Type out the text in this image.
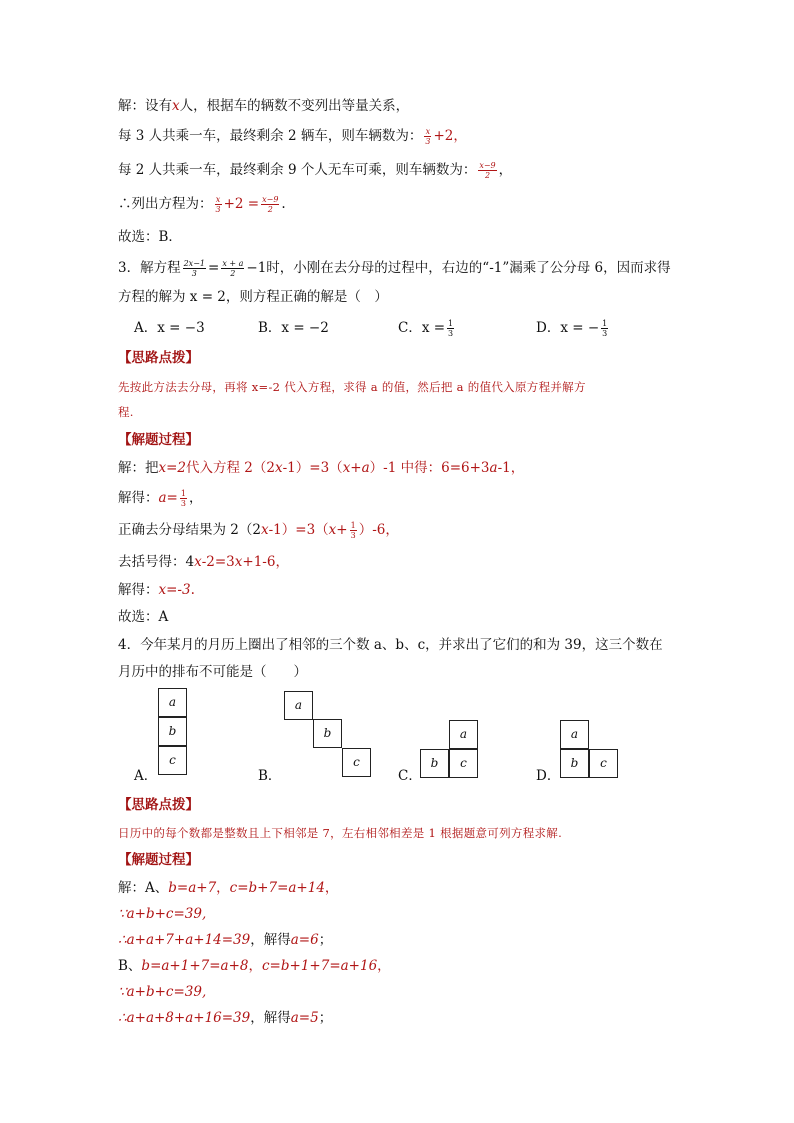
解：设有x人，根据车的辆数不变列出等量关系，
每 3 人共乘一车，最终剩余 2 辆车，则车辆数为： $\frac{x}{3} +2$，
每 2 人共乘一车，最终剩余 9 个人无车可乘，则车辆数为： $\frac{x-9}{2}$ ，
∴列出方程为： $\frac{x}{3} +2 = \frac{x-9}{2}$ .
故选：B．
3．解方程 $\frac{2x-1}{3} = \frac{x + a}{2} -1$时，小刚在去分母的过程中，右边的“-1”漏乘了公分母 6，因而求得
方程的解为 x = 2，则方程正确的解是（　）
A．x = −3	B．x = −2	C．$x = \frac{1}{3}$	D．x = − $\frac{1}{3}$
【思路点拨】
先按此方法去分母，再将 x=-2 代入方程，求得 a 的值，然后把 a 的值代入原方程并解方
程.
【解题过程】
解：把x=2代入方程 2（2x-1）=3（x+a）-1 中得：6=6+3a-1，
解得：$a= \frac{1}{3}$ ，
正确去分母结果为 $2(2x-1)=3(x+ \frac{1}{3} )-6$，
去括号得：4x-2=3x+1-6，
解得：x=-3.
故选：A
4．今年某月的月历上圈出了相邻的三个数 a、b、c，并求出了它们的和为 39，这三个数在
月历中的排布不可能是（　　）
a
b
c
A．
a
b
c
B．
a
b	c
C．
a
b	c
D．
【思路点拨】
日历中的每个数都是整数且上下相邻是 7，左右相邻相差是 1 根据题意可列方程求解.
【解题过程】
解：A、b=a+7，c=b+7=a+14，
∵a+b+c=39,
∴a+a+7+a+14=39，解得a=6；
B、b=a+1+7=a+8，c=b+1+7=a+16，
∵a+b+c=39,
∴a+a+8+a+16=39，解得a=5；
